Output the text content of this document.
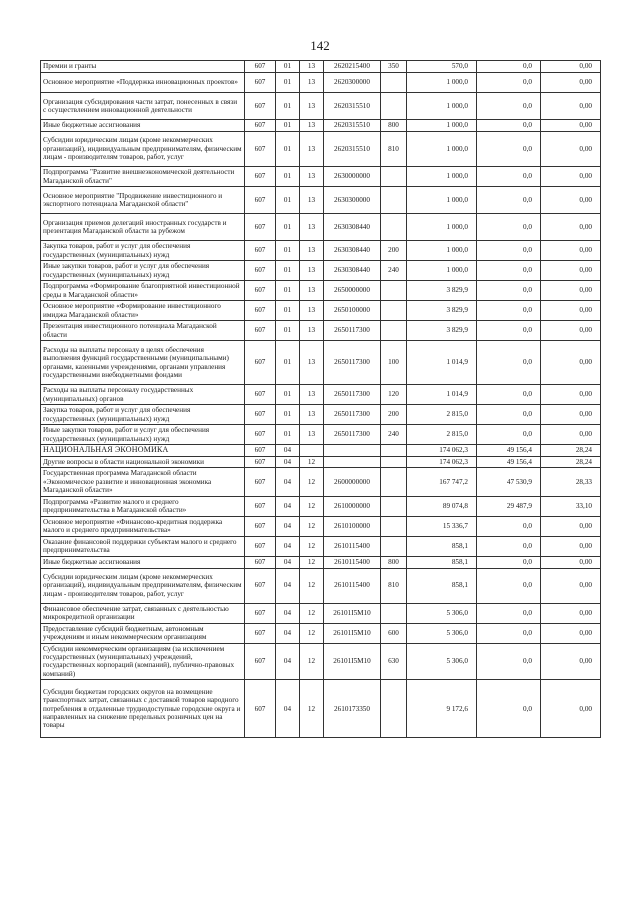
142
Премии и гранты	607	01	13	2620215400	350	570,0	0,0	0,00
Основное мероприятие «Поддержка инновационных проектов»	607	01	13	2620300000		1 000,0	0,0	0,00
Организация субсидирования части затрат, понесенных в связи с осуществлением инновационной деятельности	607	01	13	2620315510		1 000,0	0,0	0,00
Иные бюджетные ассигнования	607	01	13	2620315510	800	1 000,0	0,0	0,00
Субсидии юридическим лицам (кроме некоммерческих организаций), индивидуальным предпринимателям, физическим лицам - производителям товаров, работ, услуг	607	01	13	2620315510	810	1 000,0	0,0	0,00
Подпрограмма "Развитие внешнеэкономической деятельности Магаданской области"	607	01	13	2630000000		1 000,0	0,0	0,00
Основное мероприятие "Продвижение инвестиционного и экспортного потенциала Магаданской области"	607	01	13	2630300000		1 000,0	0,0	0,00
Организация приемов делегаций иностранных государств и презентация Магаданской области за рубежом	607	01	13	2630308440		1 000,0	0,0	0,00
Закупка товаров, работ и услуг для обеспечения государственных (муниципальных) нужд	607	01	13	2630308440	200	1 000,0	0,0	0,00
Иные закупки товаров, работ и услуг для обеспечения государственных (муниципальных) нужд	607	01	13	2630308440	240	1 000,0	0,0	0,00
Подпрограмма «Формирование благоприятной инвестиционной среды в Магаданской области»	607	01	13	2650000000		3 829,9	0,0	0,00
Основное мероприятие «Формирование инвестиционного имиджа Магаданской области»	607	01	13	2650100000		3 829,9	0,0	0,00
Презентация инвестиционного потенциала Магаданской области	607	01	13	2650117300		3 829,9	0,0	0,00
Расходы на выплаты персоналу в целях обеспечения выполнения функций государственными (муниципальными) органами, казенными учреждениями, органами управления государственными внебюджетными фондами	607	01	13	2650117300	100	1 014,9	0,0	0,00
Расходы на выплаты персоналу государственных (муниципальных) органов	607	01	13	2650117300	120	1 014,9	0,0	0,00
Закупка товаров, работ и услуг для обеспечения государственных (муниципальных) нужд	607	01	13	2650117300	200	2 815,0	0,0	0,00
Иные закупки товаров, работ и услуг для обеспечения государственных (муниципальных) нужд	607	01	13	2650117300	240	2 815,0	0,0	0,00
НАЦИОНАЛЬНАЯ ЭКОНОМИКА	607	04				174 062,3	49 156,4	28,24
Другие вопросы в области национальной экономики	607	04	12			174 062,3	49 156,4	28,24
Государственная программа Магаданской области «Экономическое развитие и инновационная экономика Магаданской области»	607	04	12	2600000000		167 747,2	47 530,9	28,33
Подпрограмма «Развитие малого и среднего предпринимательства в Магаданской области»	607	04	12	2610000000		89 074,8	29 487,9	33,10
Основное мероприятие «Финансово-кредитная поддержка малого и среднего предпринимательства»	607	04	12	2610100000		15 336,7	0,0	0,00
Оказание финансовой поддержки субъектам малого и среднего предпринимательства	607	04	12	2610115400		858,1	0,0	0,00
Иные бюджетные ассигнования	607	04	12	2610115400	800	858,1	0,0	0,00
Субсидии юридическим лицам (кроме некоммерческих организаций), индивидуальным предпринимателям, физическим лицам - производителям товаров, работ, услуг	607	04	12	2610115400	810	858,1	0,0	0,00
Финансовое обеспечение затрат, связанных с деятельностью микрокредитной организации	607	04	12	26101I5M10		5 306,0	0,0	0,00
Предоставление субсидий бюджетным, автономным учреждениям и иным некоммерческим организациям	607	04	12	26101I5M10	600	5 306,0	0,0	0,00
Субсидии некоммерческим организациям (за исключением государственных (муниципальных) учреждений, государственных корпораций (компаний), публично-правовых компаний)	607	04	12	26101I5M10	630	5 306,0	0,0	0,00
Субсидии бюджетам городских округов на возмещение транспортных затрат, связанных с доставкой товаров народного потребления в отдаленные труднодоступные городские округа и направленных на снижение предельных розничных цен на товары	607	04	12	2610173350		9 172,6	0,0	0,00
